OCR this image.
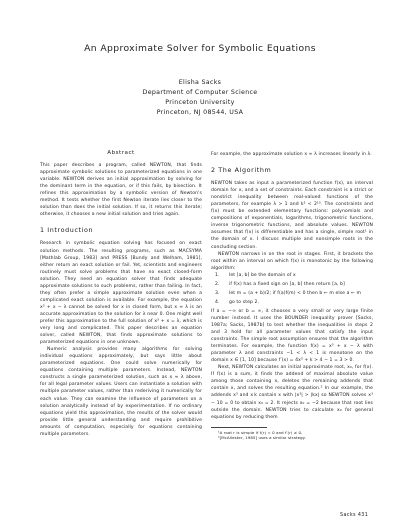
An Approximate Solver for Symbolic Equations
Elisha Sacks
Department of Computer Science
Princeton University
Princeton, NJ 08544, USA
Abstract

This paper describes a program, called NEWTON, that finds approximate symbolic solutions to parameterized equations in one variable. NEWTON derives an initial approximation by solving for the dominant term in the equation, or if this fails, by bisection. It refines this approximation by a symbolic version of Newton's method. It tests whether the first Newton iterate lies closer to the solution than does the initial solution. If so, it returns this iterate; otherwise, it chooses a new initial solution and tries again.

1 Introduction

Research in symbolic equation solving has focused on exact solution methods. The resulting programs, such as MACSYMA [Mathlab Group, 1983] and PRESS [Bundy and Welham, 1981], either return an exact solution or fail. Yet, scientists and engineers routinely must solve problems that have no exact closed-form solution. They need an equation solver that finds adequate approximate solutions to such problems, rather than failing. In fact, they often prefer a simple approximate solution even when a complicated exact solution is available. For example, the equation x³ + x − λ cannot be solved for x in closed form, but x ≈ λ is an accurate approximation to the solution for λ near 0. One might well prefer this approximation to the full solution of x³ + x = λ, which is very long and complicated. This paper describes an equation solver, called NEWTON, that finds approximate solutions to parameterized equations in one unknown.

Numeric analysis provides many algorithms for solving individual equations approximately, but says little about parameterized equations. One could solve numerically for equations containing multiple parameters. Instead, NEWTON constructs a single parameterized solution, such as x ≈ λ above, for all legal parameter values. Users can instantiate a solution with multiple parameter values, rather than rederiving it numerically for each value. They can examine the influence of parameters on a solution analytically instead of by experimentation. If no ordinary equations yield this approximation, the results of the solver would provide little general understanding and require prohibitive amounts of computation, especially for equations containing multiple parameters.

For example, the approximate solution x ≈ λ increases linearly in λ.

2 The Algorithm

NEWTON takes as input a parameterized function f(x), an interval domain for x, and a set of constraints. Each constraint is a strict or nonstrict inequality between real-valued functions of the parameters, for example λ > 1 and k² < 2¹⁰. The constraints and f(x) must be extended elementary functions: polynomials and compositions of exponentials, logarithms, trigonometric functions, inverse trigonometric functions, and absolute values. NEWTON assumes that f(x) is differentiable and has a single, simple root¹ in the domain of x. I discuss multiple and nonsimple roots in the concluding section.

NEWTON narrows in on the root in stages. First, it brackets the root within an interval on which f(x) is monotonic by the following algorithm:

1.	let [a, b] be the domain of x
2.	if f(x) has a fixed sign on [a, b] then return [a, b]
3.	let m = (a + b)/2; if f(a)f(m) < 0 then b ← m else a ← m
4.	go to step 2.

If a = −∞ or b = ∞, it chooses a very small or very large finite number instead. It uses the BOUNDER inequality prover [Sacks, 1987a; Sacks, 1987b] to test whether the inequalities in steps 2 and 3 hold for all parameter values that satisfy the input constraints. The simple root assumption ensures that the algorithm terminates. For example, the function f(x) = x³ + x − λ with parameter λ and constraints −1 < λ < 1 is monotone on the domain x ∈ [1, 10] because f′(x) = 4x³ + k > 4 − 1 = 3 > 0.

Next, NEWTON calculates an initial approximate root, x₀, for f(x). If f(x) is a sum, it finds the addend of maximal absolute value among those containing x, deletes the remaining addends that contain x, and solves the resulting equation.² In our example, the addends x³ and x k contain x with |x³| > |kx| so NEWTON solves x³ − 10 = 0 to obtain x₀ = 2. It rejects x₀ = −2 because that root lies outside the domain. NEWTON tries to calculate x₀ for general equations by reducing them

¹A root r is simple if f(r) = 0 and f′(r) ≠ 0.

²[McAllester, 1985] uses a similar strategy.

Sacks 431
